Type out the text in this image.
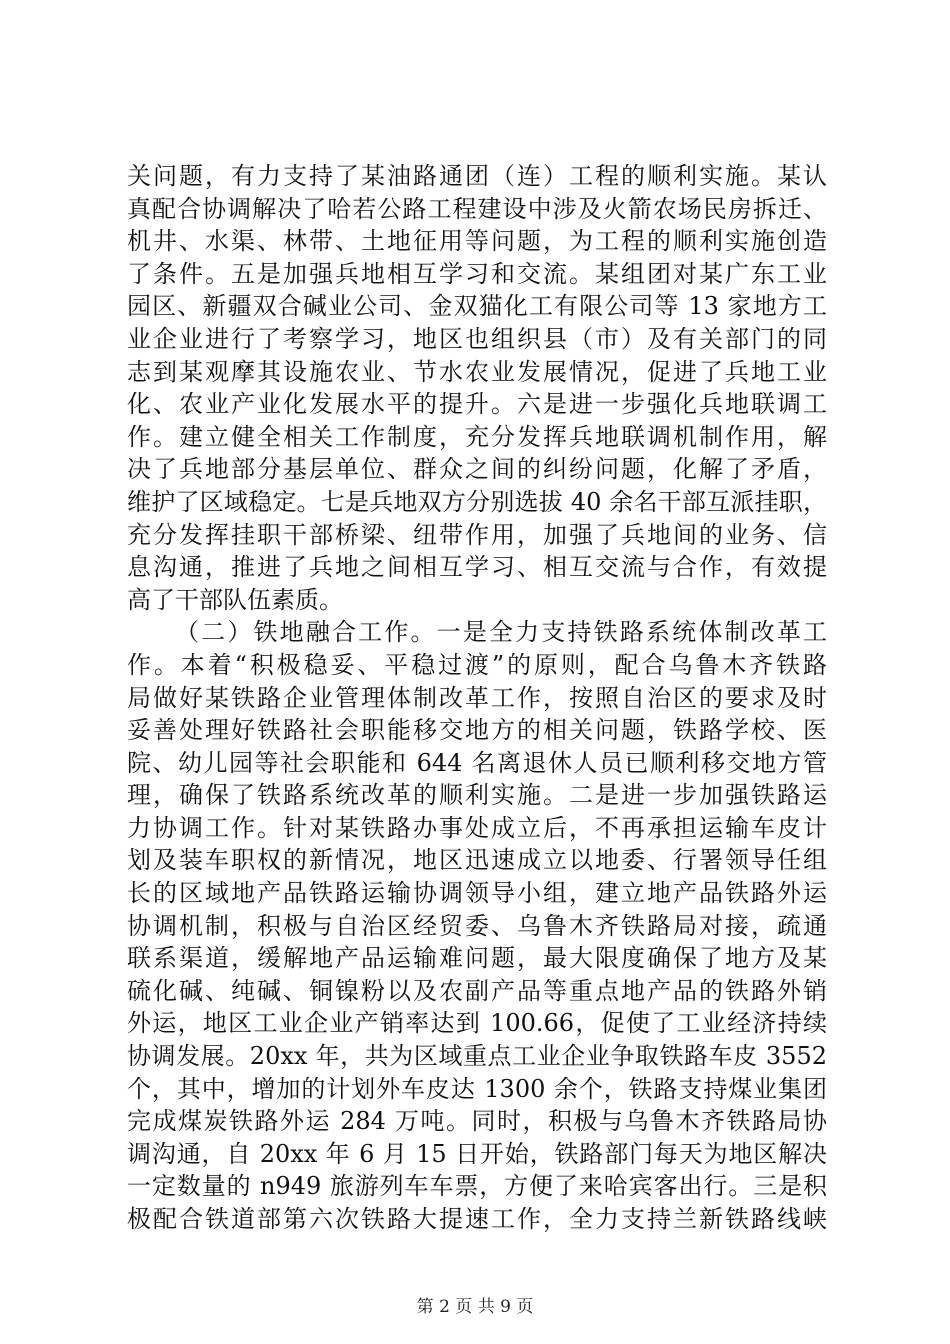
关问题，有力支持了某油路通团（连）工程的顺利实施。某认
真配合协调解决了哈若公路工程建设中涉及火箭农场民房拆迁、
机井、水渠、林带、土地征用等问题，为工程的顺利实施创造
了条件。五是加强兵地相互学习和交流。某组团对某广东工业
园区、新疆双合碱业公司、金双猫化工有限公司等 13 家地方工
业企业进行了考察学习，地区也组织县（市）及有关部门的同
志到某观摩其设施农业、节水农业发展情况，促进了兵地工业
化、农业产业化发展水平的提升。六是进一步强化兵地联调工
作。建立健全相关工作制度，充分发挥兵地联调机制作用，解
决了兵地部分基层单位、群众之间的纠纷问题，化解了矛盾，
维护了区域稳定。七是兵地双方分别选拔 40 余名干部互派挂职，
充分发挥挂职干部桥梁、纽带作用，加强了兵地间的业务、信
息沟通，推进了兵地之间相互学习、相互交流与合作，有效提
高了干部队伍素质。
（二）铁地融合工作。一是全力支持铁路系统体制改革工
作。本着“积极稳妥、平稳过渡”的原则，配合乌鲁木齐铁路
局做好某铁路企业管理体制改革工作，按照自治区的要求及时
妥善处理好铁路社会职能移交地方的相关问题，铁路学校、医
院、幼儿园等社会职能和 644 名离退休人员已顺利移交地方管
理，确保了铁路系统改革的顺利实施。二是进一步加强铁路运
力协调工作。针对某铁路办事处成立后，不再承担运输车皮计
划及装车职权的新情况，地区迅速成立以地委、行署领导任组
长的区域地产品铁路运输协调领导小组，建立地产品铁路外运
协调机制，积极与自治区经贸委、乌鲁木齐铁路局对接，疏通
联系渠道，缓解地产品运输难问题，最大限度确保了地方及某
硫化碱、纯碱、铜镍粉以及农副产品等重点地产品的铁路外销
外运，地区工业企业产销率达到 100.66，促使了工业经济持续
协调发展。20xx 年，共为区域重点工业企业争取铁路车皮 3552
个，其中，增加的计划外车皮达 1300 余个，铁路支持煤业集团
完成煤炭铁路外运 284 万吨。同时，积极与乌鲁木齐铁路局协
调沟通，自 20xx 年 6 月 15 日开始，铁路部门每天为地区解决
一定数量的 n949 旅游列车车票，方便了来哈宾客出行。三是积
极配合铁道部第六次铁路大提速工作，全力支持兰新铁路线峡
第 2 页 共 9 页
